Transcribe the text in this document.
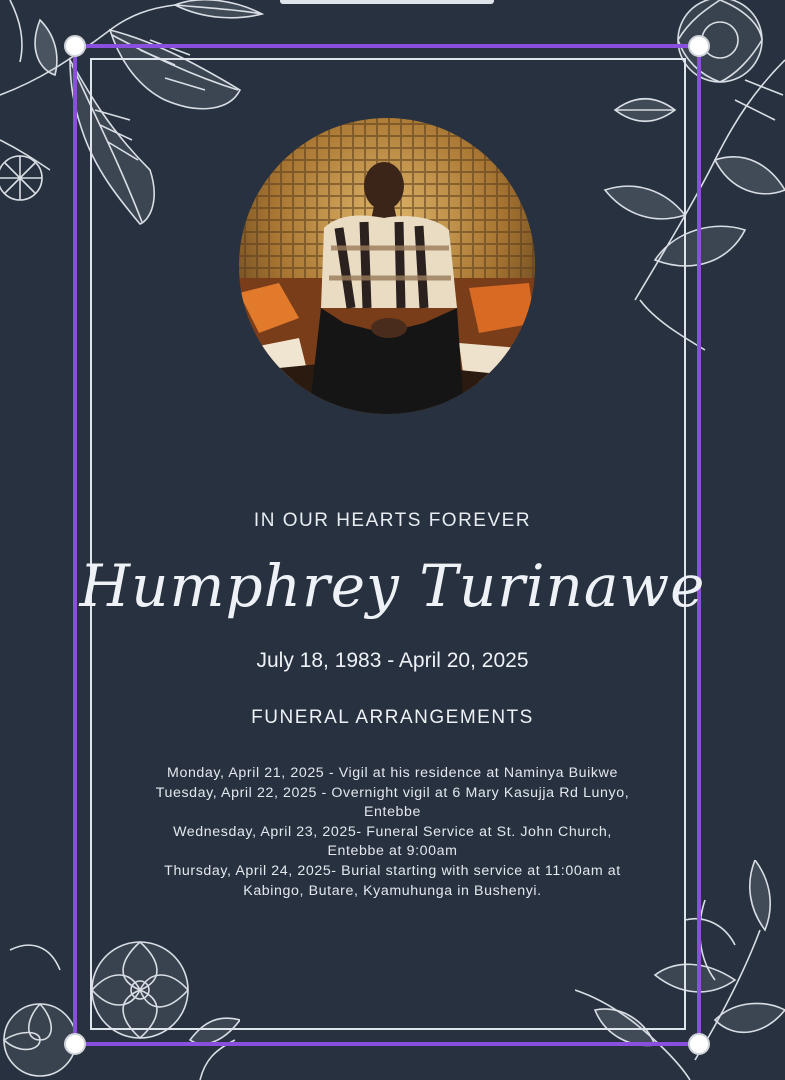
IN OUR HEARTS FOREVER
Humphrey Turinawe
July 18, 1983 - April 20, 2025
FUNERAL ARRANGEMENTS

Monday, April 21, 2025 - Vigil at his residence at Naminya Buikwe

Tuesday, April 22, 2025 - Overnight vigil at 6 Mary Kasujja Rd Lunyo, Entebbe

Wednesday, April 23, 2025- Funeral Service at St. John Church, Entebbe at 9:00am

Thursday, April 24, 2025- Burial starting with service at 11:00am at Kabingo, Butare, Kyamuhunga in Bushenyi.
